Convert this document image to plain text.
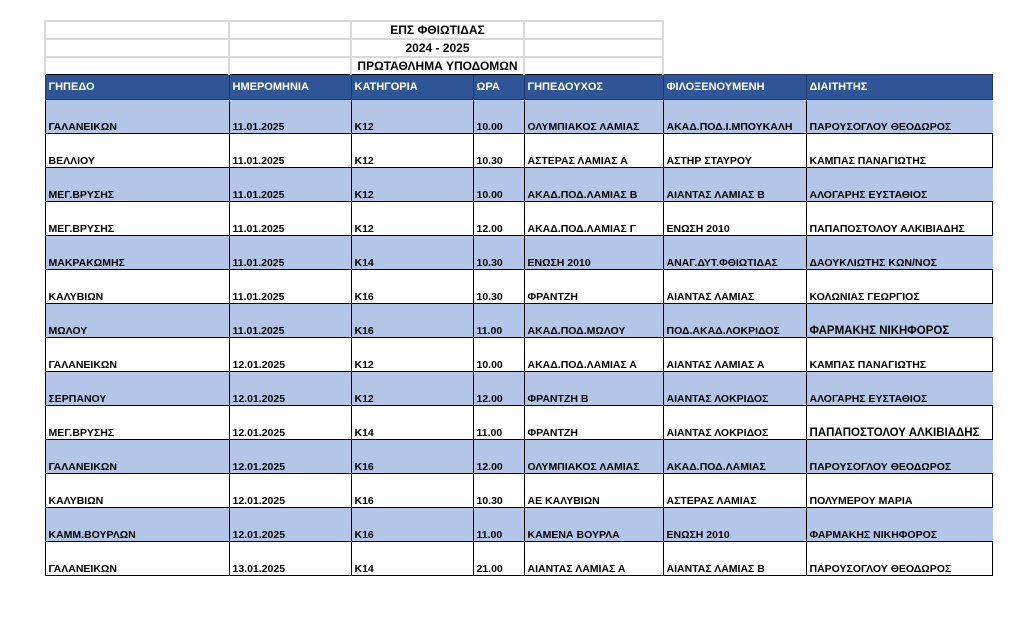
		ΕΠΣ ΦΘΙΩΤΙΔΑΣ				
		2024 - 2025				
		ΠΡΩΤΑΘΛΗΜΑ ΥΠΟΔΟΜΩΝ				
ΓΗΠΕΔΟ	ΗΜΕΡΟΜΗΝΙΑ	ΚΑΤΗΓΟΡΙΑ	ΩΡΑ	ΓΗΠΕΔΟΥΧΟΣ	ΦΙΛΟΞΕΝΟΥΜΕΝΗ	ΔΙΑΙΤΗΤΗΣ
ΓΑΛΑΝΕΙΚΩΝ	11.01.2025	Κ12	10.00	ΟΛΥΜΠΙΑΚΟΣ ΛΑΜΙΑΣ	ΑΚΑΔ.ΠΟΔ.Ι.ΜΠΟΥΚΑΛΗ	ΠΑΡΟΥΣΟΓΛΟΥ ΘΕΟΔΩΡΟΣ
ΒΕΛΛΙΟΥ	11.01.2025	Κ12	10.30	ΑΣΤΕΡΑΣ ΛΑΜΙΑΣ Α	ΑΣΤΗΡ ΣΤΑΥΡΟΥ	ΚΑΜΠΑΣ ΠΑΝΑΓΙΩΤΗΣ
ΜΕΓ.ΒΡΥΣΗΣ	11.01.2025	Κ12	10.00	ΑΚΑΔ.ΠΟΔ.ΛΑΜΙΑΣ Β	ΑΙΑΝΤΑΣ ΛΑΜΙΑΣ Β	ΑΛΟΓΑΡΗΣ ΕΥΣΤΑΘΙΟΣ
ΜΕΓ.ΒΡΥΣΗΣ	11.01.2025	Κ12	12.00	ΑΚΑΔ.ΠΟΔ.ΛΑΜΙΑΣ Γ	ΕΝΩΣΗ 2010	ΠΑΠΑΠΟΣΤΟΛΟΥ ΑΛΚΙΒΙΑΔΗΣ
ΜΑΚΡΑΚΩΜΗΣ	11.01.2025	Κ14	10.30	ΕΝΩΣΗ 2010	ΑΝΑΓ.ΔΥΤ.ΦΘΙΩΤΙΔΑΣ	ΔΑΟΥΚΛΙΩΤΗΣ ΚΩΝ/ΝΟΣ
ΚΑΛΥΒΙΩΝ	11.01.2025	Κ16	10.30	ΦΡΑΝΤΖΗ	ΑΙΑΝΤΑΣ ΛΑΜΙΑΣ	ΚΟΛΩΝΙΑΣ ΓΕΩΡΓΙΟΣ
ΜΩΛΟΥ	11.01.2025	Κ16	11.00	ΑΚΑΔ.ΠΟΔ.ΜΩΛΟΥ	ΠΟΔ.ΑΚΑΔ.ΛΟΚΡΙΔΟΣ	ΦΑΡΜΑΚΗΣ ΝΙΚΗΦΟΡΟΣ
ΓΑΛΑΝΕΙΚΩΝ	12.01.2025	Κ12	10.00	ΑΚΑΔ.ΠΟΔ.ΛΑΜΙΑΣ Α	ΑΙΑΝΤΑΣ ΛΑΜΙΑΣ Α	ΚΑΜΠΑΣ ΠΑΝΑΓΙΩΤΗΣ
ΣΕΡΠΑΝΟΥ	12.01.2025	Κ12	12.00	ΦΡΑΝΤΖΗ Β	ΑΙΑΝΤΑΣ ΛΟΚΡΙΔΟΣ	ΑΛΟΓΑΡΗΣ ΕΥΣΤΑΘΙΟΣ
ΜΕΓ.ΒΡΥΣΗΣ	12.01.2025	Κ14	11.00	ΦΡΑΝΤΖΗ	ΑΙΑΝΤΑΣ ΛΟΚΡΙΔΟΣ	ΠΑΠΑΠΟΣΤΟΛΟΥ ΑΛΚΙΒΙΑΔΗΣ
ΓΑΛΑΝΕΙΚΩΝ	12.01.2025	Κ16	12.00	ΟΛΥΜΠΙΑΚΟΣ ΛΑΜΙΑΣ	ΑΚΑΔ.ΠΟΔ.ΛΑΜΙΑΣ	ΠΑΡΟΥΣΟΓΛΟΥ ΘΕΟΔΩΡΟΣ
ΚΑΛΥΒΙΩΝ	12.01.2025	Κ16	10.30	ΑΕ ΚΑΛΥΒΙΩΝ	ΑΣΤΕΡΑΣ ΛΑΜΙΑΣ	ΠΟΛΥΜΕΡΟΥ ΜΑΡΙΑ
ΚΑΜΜ.ΒΟΥΡΛΩΝ	12.01.2025	Κ16	11.00	ΚΑΜΕΝΑ ΒΟΥΡΛΑ	ΕΝΩΣΗ 2010	ΦΑΡΜΑΚΗΣ ΝΙΚΗΦΟΡΟΣ
ΓΑΛΑΝΕΙΚΩΝ	13.01.2025	Κ14	21.00	ΑΙΑΝΤΑΣ ΛΑΜΙΑΣ Α	ΑΙΑΝΤΑΣ ΛΑΜΙΑΣ Β	ΠΑΡΟΥΣΟΓΛΟΥ ΘΕΟΔΩΡΟΣ
